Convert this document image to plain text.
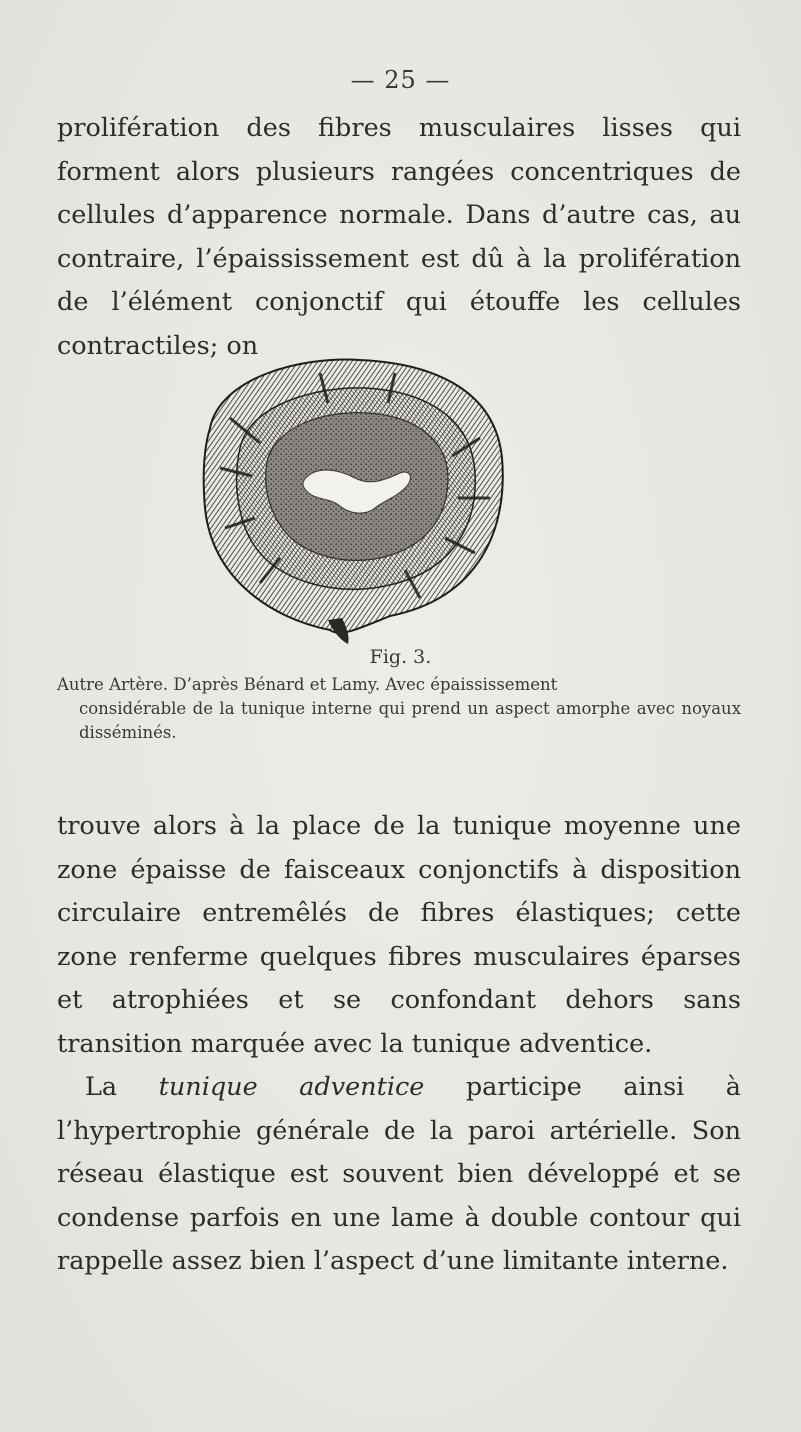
— 25 —

prolifération des fibres musculaires lisses qui forment alors plusieurs rangées concentriques de cellules d’apparence normale. Dans d’autre cas, au contraire, l’épaississement est dû à la prolifération de l’élément conjonctif qui étouffe les cellules contractiles; on

Fig. 3.
Autre Artère. D’après Bénard et Lamy. Avec épaississement
considérable de la tunique interne qui prend un aspect amorphe avec noyaux disséminés.

trouve alors à la place de la tunique moyenne une zone épaisse de faisceaux conjonctifs à disposition circulaire entremêlés de fibres élastiques; cette zone renferme quelques fibres musculaires éparses et atrophiées et se confondant dehors sans transition marquée avec la tunique adventice.

La tunique adventice participe ainsi à l’hypertrophie générale de la paroi artérielle. Son réseau élastique est souvent bien développé et se condense parfois en une lame à double contour qui rappelle assez bien l’aspect d’une limitante interne.
